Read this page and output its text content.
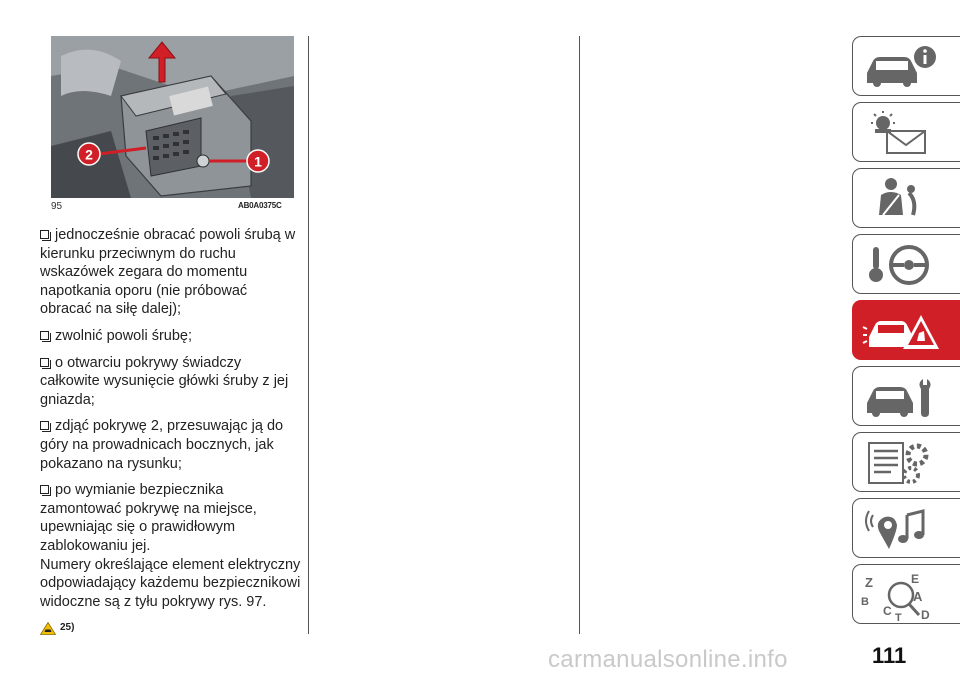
2	1
95	AB0A0375C

jednocześnie obracać powoli śrubą w kierunku przeciwnym do ruchu wskazówek zegara do momentu napotkania oporu (nie próbować obracać na siłę dalej);

zwolnić powoli śrubę;

o otwarciu pokrywy świadczy całkowite wysunięcie główki śruby z jej gniazda;

zdjąć pokrywę 2, przesuwając ją do góry na prowadnicach bocznych, jak pokazano na rysunku;

po wymianie bezpiecznika zamontować pokrywę na miejsce, upewniając się o prawidłowym zablokowaniu jej.

Numery określające element elektryczny odpowiadający każdemu bezpiecznikowi widoczne są z tyłu pokrywy rys. 97.

25)
Z	E
B	A
C T D
carmanualsonline.info	111
